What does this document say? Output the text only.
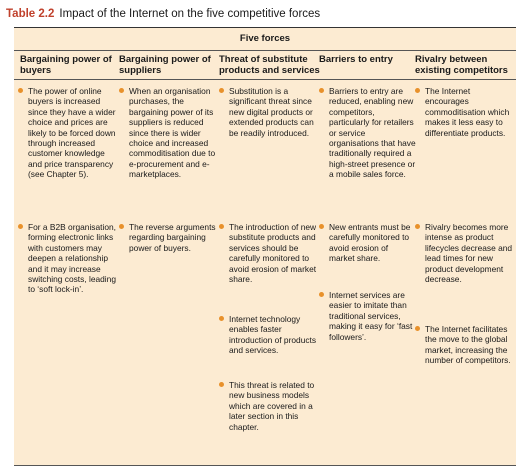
Table 2.2 Impact of the Internet on the five competitive forces
Five forces
Bargaining power of buyers
Bargaining power of suppliers
Threat of substitute products and services
Barriers to entry	Rivalry between existing competitors
The power of online buyers is increased since they have a wider choice and prices are likely to be forced down through increased customer knowledge and price transparency (see Chapter 5).
For a B2B organisation, forming electronic links with customers may deepen a relationship and it may increase switching costs, leading to ‘soft lock-in’.
When an organisation purchases, the bargaining power of its suppliers is reduced since there is wider choice and increased commoditisation due to e-procurement and e-marketplaces.
The reverse arguments regarding bargaining power of buyers.
Substitution is a significant threat since new digital products or extended products can be readily introduced.
The introduction of new substitute products and services should be carefully monitored to avoid erosion of market share.
Internet technology enables faster introduction of products and services.
This threat is related to new business models which are covered in a later section in this chapter.
Barriers to entry are reduced, enabling new competitors, particularly for retailers or service organisations that have traditionally required a high-street presence or a mobile sales force.
New entrants must be carefully monitored to avoid erosion of market share.
Internet services are easier to imitate than traditional services, making it easy for ‘fast followers’.
The Internet encourages commoditisation which makes it less easy to differentiate products.
Rivalry becomes more intense as product lifecycles decrease and lead times for new product development decrease.
The Internet facilitates the move to the global market, increasing the number of competitors.
